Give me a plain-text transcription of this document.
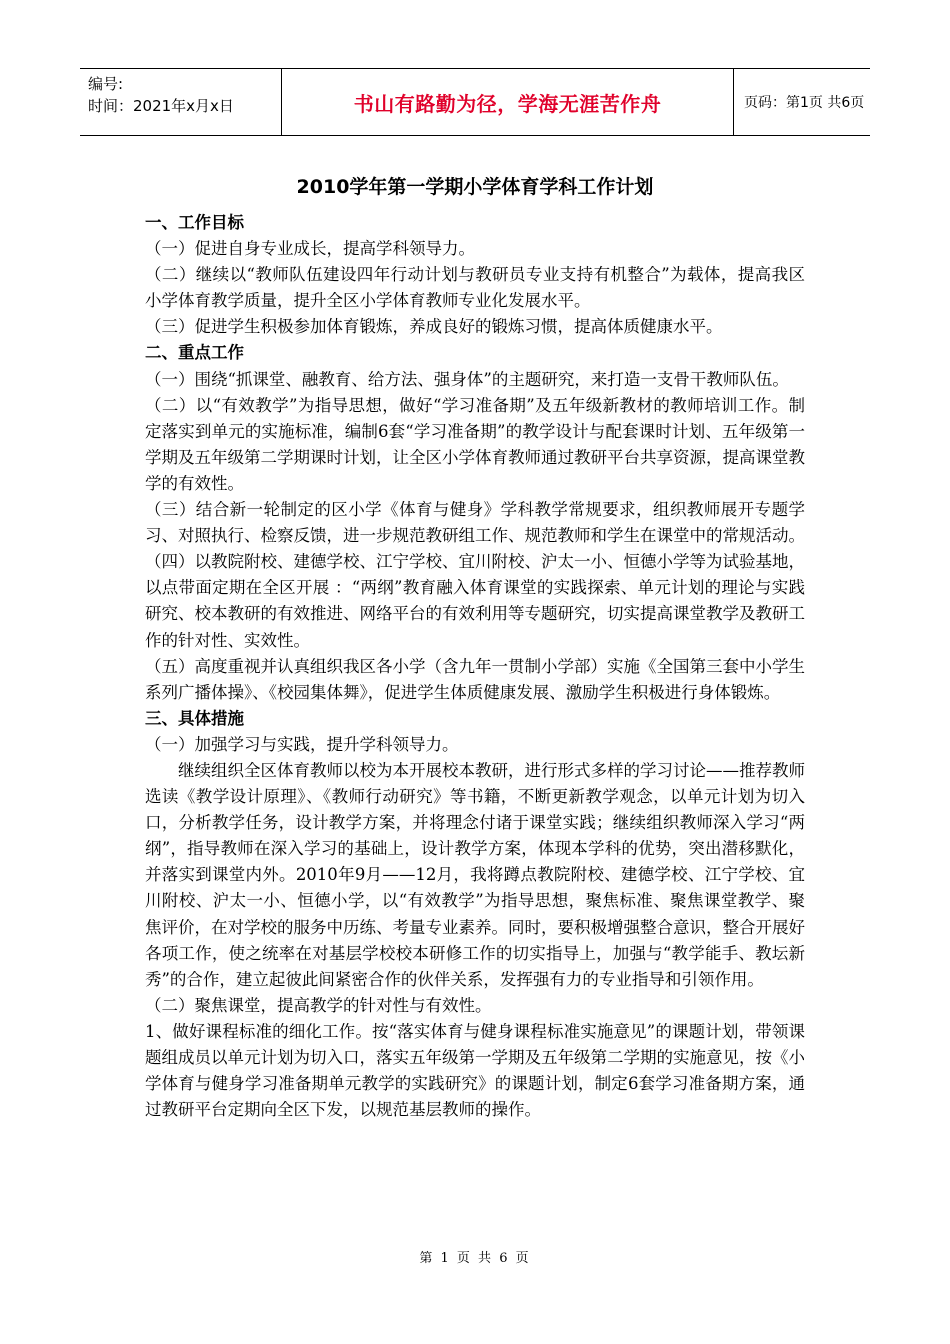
编号:
时间：2021年x月x日	书山有路勤为径，学海无涯苦作舟	页码：第1页 共6页
2010学年第一学期小学体育学科工作计划

一、工作目标

（一）促进自身专业成长，提高学科领导力。

（二）继续以“教师队伍建设四年行动计划与教研员专业支持有机整合”为载体，提高我区小学体育教学质量，提升全区小学体育教师专业化发展水平。

（三）促进学生积极参加体育锻炼，养成良好的锻炼习惯，提高体质健康水平。

二、重点工作

（一）围绕“抓课堂、融教育、给方法、强身体”的主题研究，来打造一支骨干教师队伍。

（二）以“有效教学”为指导思想，做好“学习准备期”及五年级新教材的教师培训工作。制定落实到单元的实施标准，编制6套“学习准备期”的教学设计与配套课时计划、五年级第一学期及五年级第二学期课时计划，让全区小学体育教师通过教研平台共享资源，提高课堂教学的有效性。

（三）结合新一轮制定的区小学《体育与健身》学科教学常规要求，组织教师展开专题学习、对照执行、检察反馈，进一步规范教研组工作、规范教师和学生在课堂中的常规活动。

（四）以教院附校、建德学校、江宁学校、宜川附校、沪太一小、恒德小学等为试验基地，以点带面定期在全区开展 ：“两纲”教育融入体育课堂的实践探索、单元计划的理论与实践研究、校本教研的有效推进、网络平台的有效利用等专题研究，切实提高课堂教学及教研工作的针对性、实效性。

（五）高度重视并认真组织我区各小学（含九年一贯制小学部）实施《全国第三套中小学生系列广播体操》、《校园集体舞》，促进学生体质健康发展、激励学生积极进行身体锻炼。

三、具体措施

（一）加强学习与实践，提升学科领导力。

继续组织全区体育教师以校为本开展校本教研，进行形式多样的学习讨论——推荐教师选读《教学设计原理》、《教师行动研究》等书籍，不断更新教学观念，以单元计划为切入口，分析教学任务，设计教学方案，并将理念付诸于课堂实践；继续组织教师深入学习“两纲”，指导教师在深入学习的基础上，设计教学方案，体现本学科的优势，突出潜移默化，并落实到课堂内外。2010年9月——12月，我将蹲点教院附校、建德学校、江宁学校、宜川附校、沪太一小、恒德小学，以“有效教学”为指导思想，聚焦标准、聚焦课堂教学、聚焦评价，在对学校的服务中历练、考量专业素养。同时，要积极增强整合意识，整合开展好各项工作，使之统率在对基层学校校本研修工作的切实指导上，加强与“教学能手、教坛新秀”的合作，建立起彼此间紧密合作的伙伴关系，发挥强有力的专业指导和引领作用。

（二）聚焦课堂，提高教学的针对性与有效性。

1、做好课程标准的细化工作。按“落实体育与健身课程标准实施意见”的课题计划，带领课题组成员以单元计划为切入口，落实五年级第一学期及五年级第二学期的实施意见，按《小学体育与健身学习准备期单元教学的实践研究》的课题计划，制定6套学习准备期方案，通过教研平台定期向全区下发，以规范基层教师的操作。

第 1 页 共 6 页
